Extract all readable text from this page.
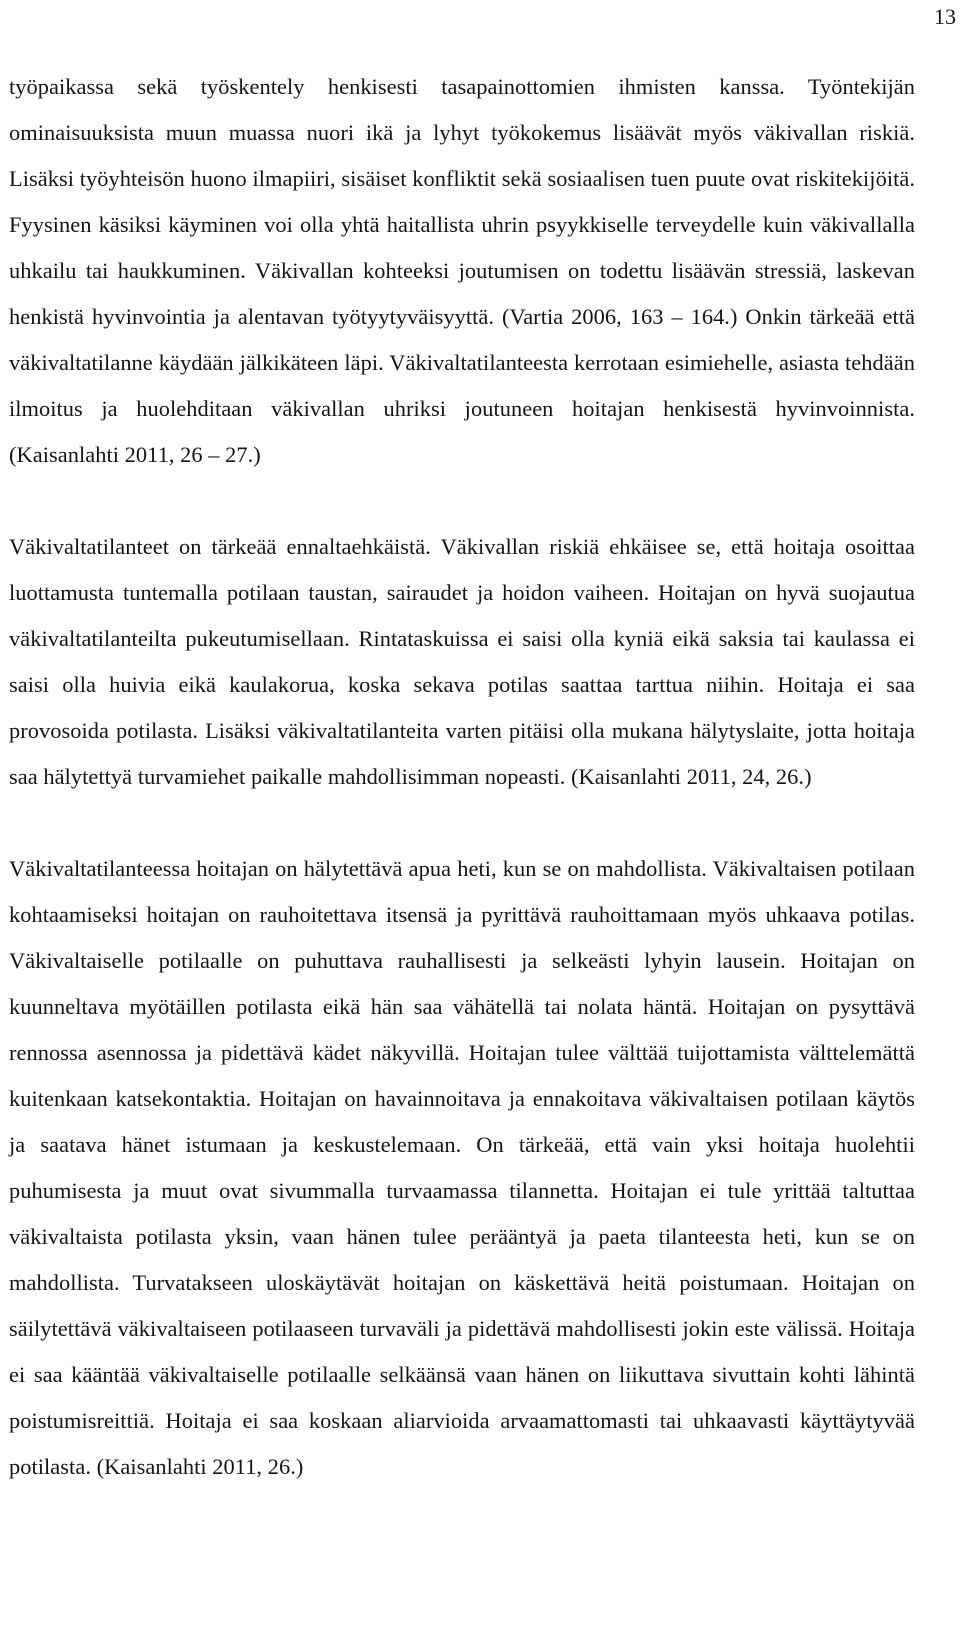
13

työpaikassa sekä työskentely henkisesti tasapainottomien ihmisten kanssa. Työntekijän ominaisuuksista muun muassa nuori ikä ja lyhyt työkokemus lisäävät myös väkivallan riskiä. Lisäksi työyhteisön huono ilmapiiri, sisäiset konfliktit sekä sosiaalisen tuen puute ovat riskitekijöitä. Fyysinen käsiksi käyminen voi olla yhtä haitallista uhrin psyykkiselle terveydelle kuin väkivallalla uhkailu tai haukkuminen. Väkivallan kohteeksi joutumisen on todettu lisäävän stressiä, laskevan henkistä hyvinvointia ja alentavan työtyytyväisyyttä. (Vartia 2006, 163 – 164.) Onkin tärkeää että väkivaltatilanne käydään jälkikäteen läpi. Väkivaltatilanteesta kerrotaan esimiehelle, asiasta tehdään ilmoitus ja huolehditaan väkivallan uhriksi joutuneen hoitajan henkisestä hyvinvoinnista. (Kaisanlahti 2011, 26 – 27.)

Väkivaltatilanteet on tärkeää ennaltaehkäistä. Väkivallan riskiä ehkäisee se, että hoitaja osoittaa luottamusta tuntemalla potilaan taustan, sairaudet ja hoidon vaiheen. Hoitajan on hyvä suojautua väkivaltatilanteilta pukeutumisellaan. Rintataskuissa ei saisi olla kyniä eikä saksia tai kaulassa ei saisi olla huivia eikä kaulakorua, koska sekava potilas saattaa tarttua niihin. Hoitaja ei saa provosoida potilasta. Lisäksi väkivaltatilanteita varten pitäisi olla mukana hälytyslaite, jotta hoitaja saa hälytettyä turvamiehet paikalle mahdollisimman nopeasti. (Kaisanlahti 2011, 24, 26.)

Väkivaltatilanteessa hoitajan on hälytettävä apua heti, kun se on mahdollista. Väkivaltaisen potilaan kohtaamiseksi hoitajan on rauhoitettava itsensä ja pyrittävä rauhoittamaan myös uhkaava potilas. Väkivaltaiselle potilaalle on puhuttava rauhallisesti ja selkeästi lyhyin lausein. Hoitajan on kuunneltava myötäillen potilasta eikä hän saa vähätellä tai nolata häntä. Hoitajan on pysyttävä rennossa asennossa ja pidettävä kädet näkyvillä. Hoitajan tulee välttää tuijottamista välttelemättä kuitenkaan katsekontaktia. Hoitajan on havainnoitava ja ennakoitava väkivaltaisen potilaan käytös ja saatava hänet istumaan ja keskustelemaan. On tärkeää, että vain yksi hoitaja huolehtii puhumisesta ja muut ovat sivummalla turvaamassa tilannetta. Hoitajan ei tule yrittää taltuttaa väkivaltaista potilasta yksin, vaan hänen tulee perääntyä ja paeta tilanteesta heti, kun se on mahdollista. Turvatakseen uloskäytävät hoitajan on käskettävä heitä poistumaan. Hoitajan on säilytettävä väkivaltaiseen potilaaseen turvaväli ja pidettävä mahdollisesti jokin este välissä. Hoitaja ei saa kääntää väkivaltaiselle potilaalle selkäänsä vaan hänen on liikuttava sivuttain kohti lähintä poistumisreittiä. Hoitaja ei saa koskaan aliarvioida arvaamattomasti tai uhkaavasti käyttäytyvää potilasta. (Kaisanlahti 2011, 26.)
